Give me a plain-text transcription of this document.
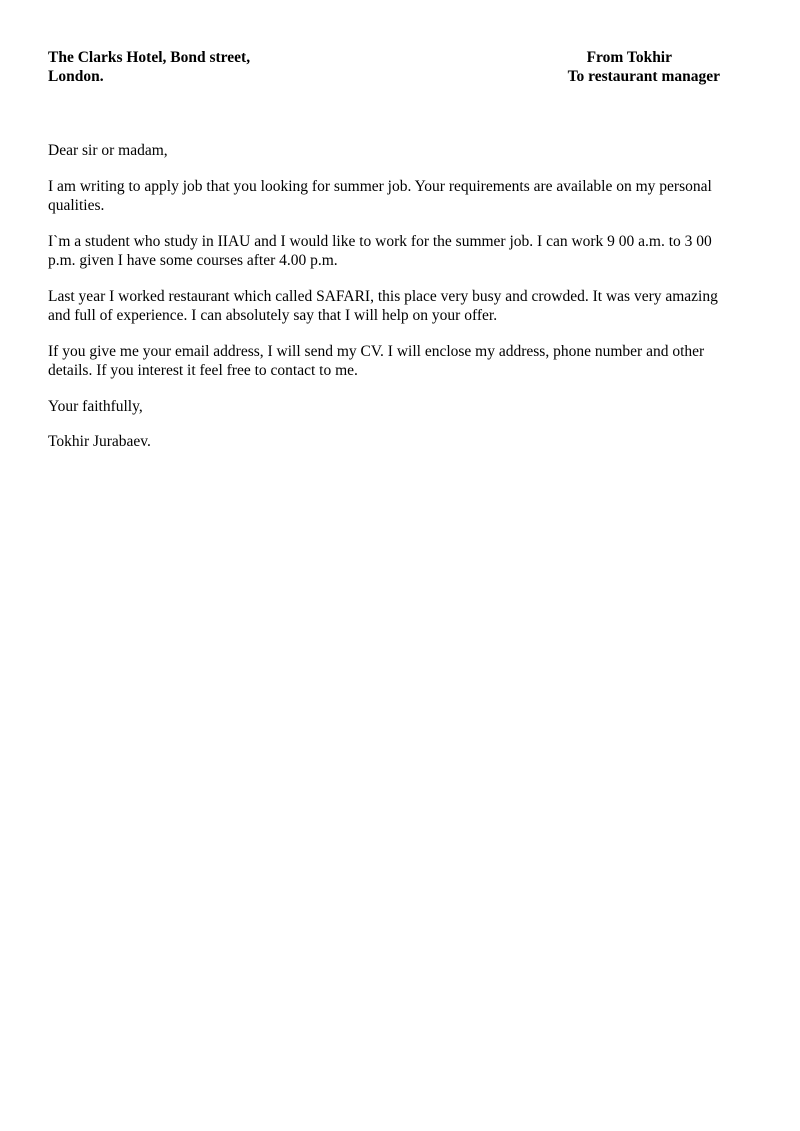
The Clarks Hotel, Bond street,
London.
From Tokhir
To restaurant manager

Dear sir or madam,

I am writing to apply job that you looking for summer job. Your requirements are available on my personal qualities.

I`m a student who study in IIAU and I would like to work for the summer job. I can work 9 00 a.m. to 3 00 p.m. given I have some courses after 4.00 p.m.

Last year I worked restaurant which called SAFARI, this place very busy and crowded. It was very amazing and full of experience. I can absolutely say that I will help on your offer.

If you give me your email address, I will send my CV. I will enclose my address, phone number and other details. If you interest it feel free to contact to me.

Your faithfully,

Tokhir Jurabaev.
